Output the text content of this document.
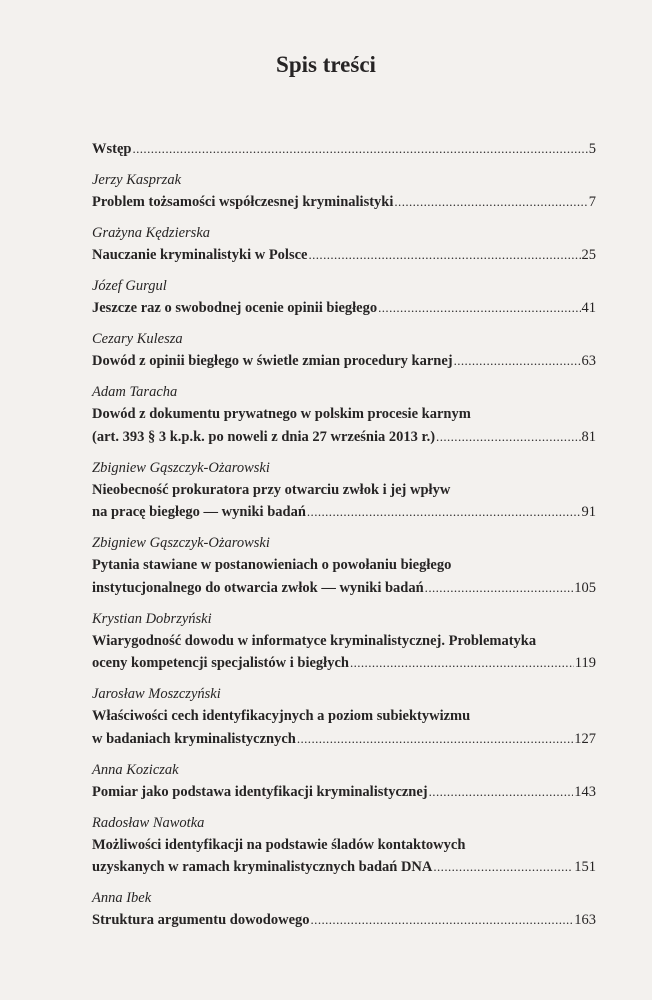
Spis treści
Wstęp .....	5
Jerzy Kasprzak
Problem tożsamości współczesnej kryminalistyki .....	7
Grażyna Kędzierska
Nauczanie kryminalistyki w Polsce .....	25
Józef Gurgul
Jeszcze raz o swobodnej ocenie opinii biegłego .....	41
Cezary Kulesza
Dowód z opinii biegłego w świetle zmian procedury karnej .....	63
Adam Taracha
Dowód z dokumentu prywatnego w polskim procesie karnym
(art. 393 § 3 k.p.k. po noweli z dnia 27 września 2013 r.) .....	81
Zbigniew Gąszczyk-Ożarowski
Nieobecność prokuratora przy otwarciu zwłok i jej wpływ
na pracę biegłego — wyniki badań .....	91
Zbigniew Gąszczyk-Ożarowski
Pytania stawiane w postanowieniach o powołaniu biegłego
instytucjonalnego do otwarcia zwłok — wyniki badań .....	105
Krystian Dobrzyński
Wiarygodność dowodu w informatyce kryminalistycznej. Problematyka
oceny kompetencji specjalistów i biegłych .....	119
Jarosław Moszczyński
Właściwości cech identyfikacyjnych a poziom subiektywizmu
w badaniach kryminalistycznych .....	127
Anna Koziczak
Pomiar jako podstawa identyfikacji kryminalistycznej .....	143
Radosław Nawotka
Możliwości identyfikacji na podstawie śladów kontaktowych
uzyskanych w ramach kryminalistycznych badań DNA .....	151
Anna Ibek
Struktura argumentu dowodowego .....	163
